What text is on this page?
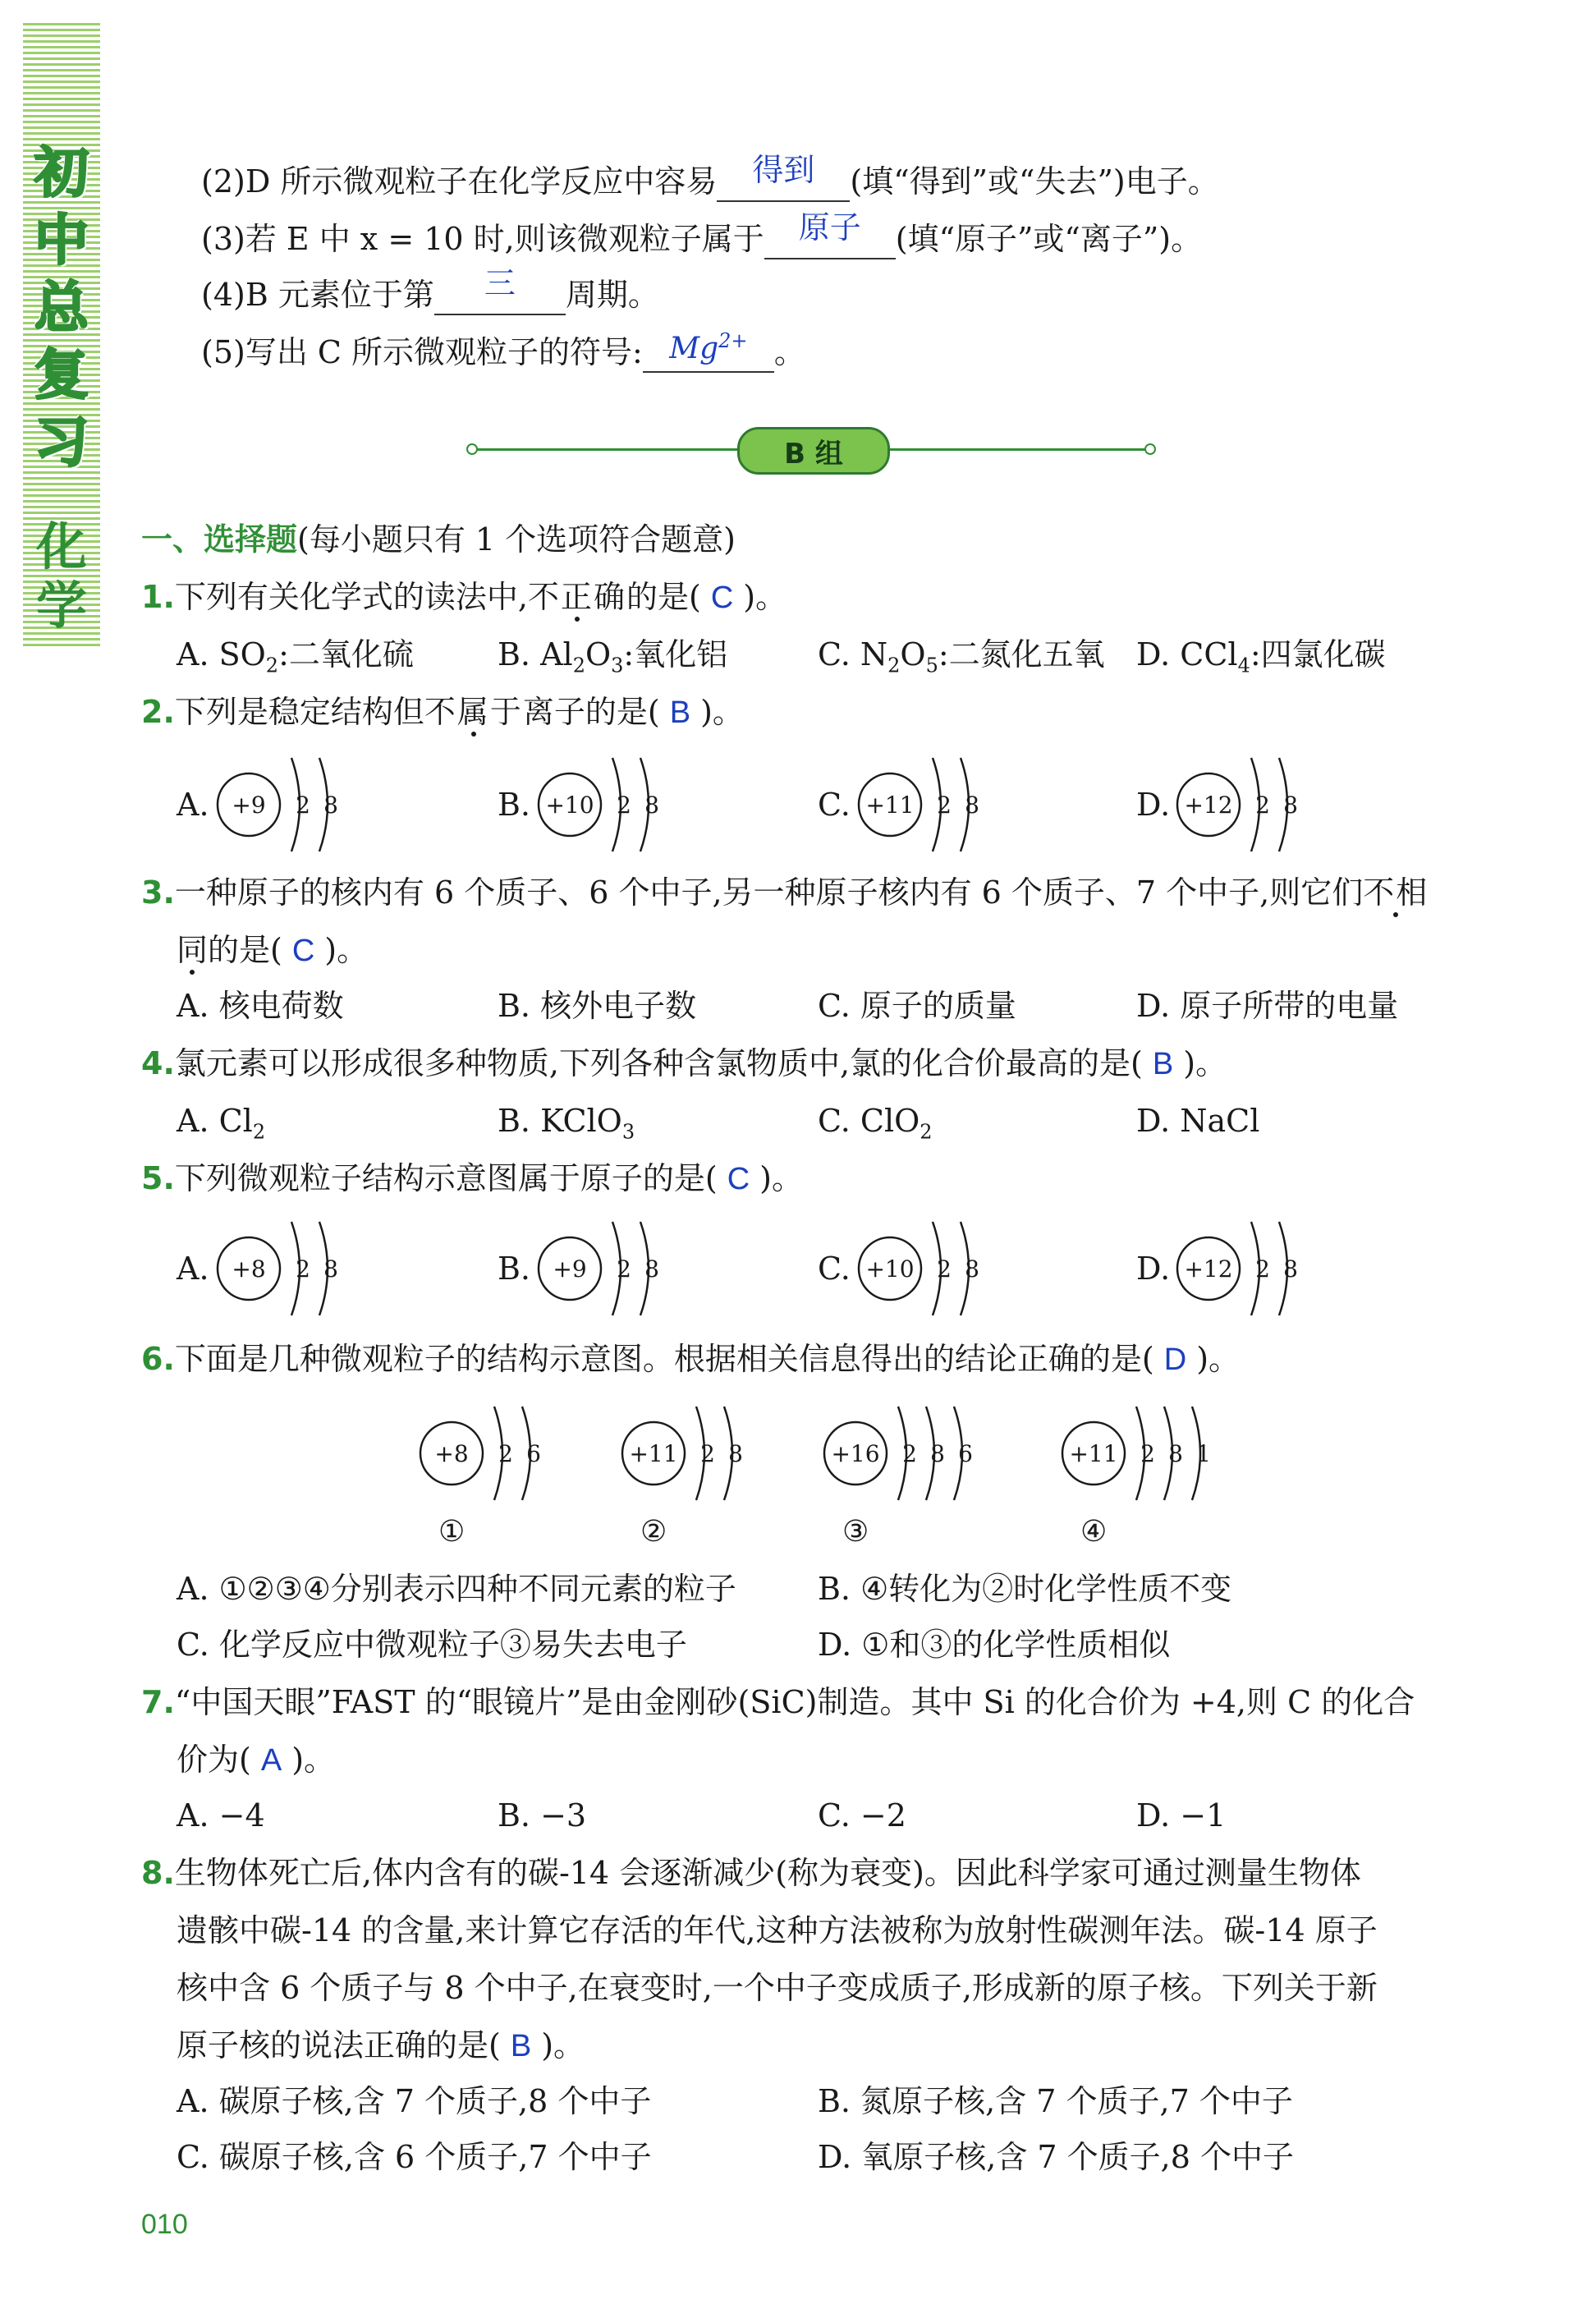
初
中
总
复
习
化
学
(2)D 所示微观粒子在化学反应中容易 得到 (填“得到”或“失去”)电子。
(3)若 E 中 x = 10 时,则该微观粒子属于 原子 (填“原子”或“离子”)。
(4)B 元素位于第 三 周期。
(5)写出 C 所示微观粒子的符号: $Mg^{2+}$ 。
B 组
一、选择题(每小题只有 1 个选项符合题意)
1.下列有关化学式的读法中,不正确的是( C )。
A. $SO_2$:二氧化硫	B. $Al_2O_3$:氧化铝	C. $N_2O_5$:二氮化五氧 D. CCl$_4$:四氯化碳
2.下列是稳定结构但不属于离子的是( B )。
A. +9 2 8	B. +10 2 8	C. +11 2 8	D. +12 2 8
3.一种原子的核内有 6 个质子、6 个中子,另一种原子核内有 6 个质子、7 个中子,则它们不相
同的是( C )。
A. 核电荷数	B. 核外电子数	C. 原子的质量	D. 原子所带的电量
4.氯元素可以形成很多种物质,下列各种含氯物质中,氯的化合价最高的是( B )。
A. $Cl_2$	B. KClO$_3$	C. ClO$_2$	D. NaCl
5.下列微观粒子结构示意图属于原子的是( C )。
A. +8 2 8	B. +9 2 8	C. +10 2 8	D. +12 2 8
6.下面是几种微观粒子的结构示意图。根据相关信息得出的结论正确的是( D )。
+8 2 6
①
+11 2 8
②
+16 2 8 6
③
+11 2 8 1
④
A. ①②③④分别表示四种不同元素的粒子	B. ④转化为②时化学性质不变
C. 化学反应中微观粒子③易失去电子	D. ①和③的化学性质相似
7.“中国天眼”FAST 的“眼镜片”是由金刚砂(SiC)制造。其中 Si 的化合价为 +4,则 C 的化合
价为( A )。
A. −4	B. −3	C. −2	D. −1
8.生物体死亡后,体内含有的碳-14 会逐渐减少(称为衰变)。因此科学家可通过测量生物体
遗骸中碳-14 的含量,来计算它存活的年代,这种方法被称为放射性碳测年法。碳-14 原子
核中含 6 个质子与 8 个中子,在衰变时,一个中子变成质子,形成新的原子核。下列关于新
原子核的说法正确的是( B )。
A. 碳原子核,含 7 个质子,8 个中子	B. 氮原子核,含 7 个质子,7 个中子
C. 碳原子核,含 6 个质子,7 个中子	D. 氧原子核,含 7 个质子,8 个中子
010
